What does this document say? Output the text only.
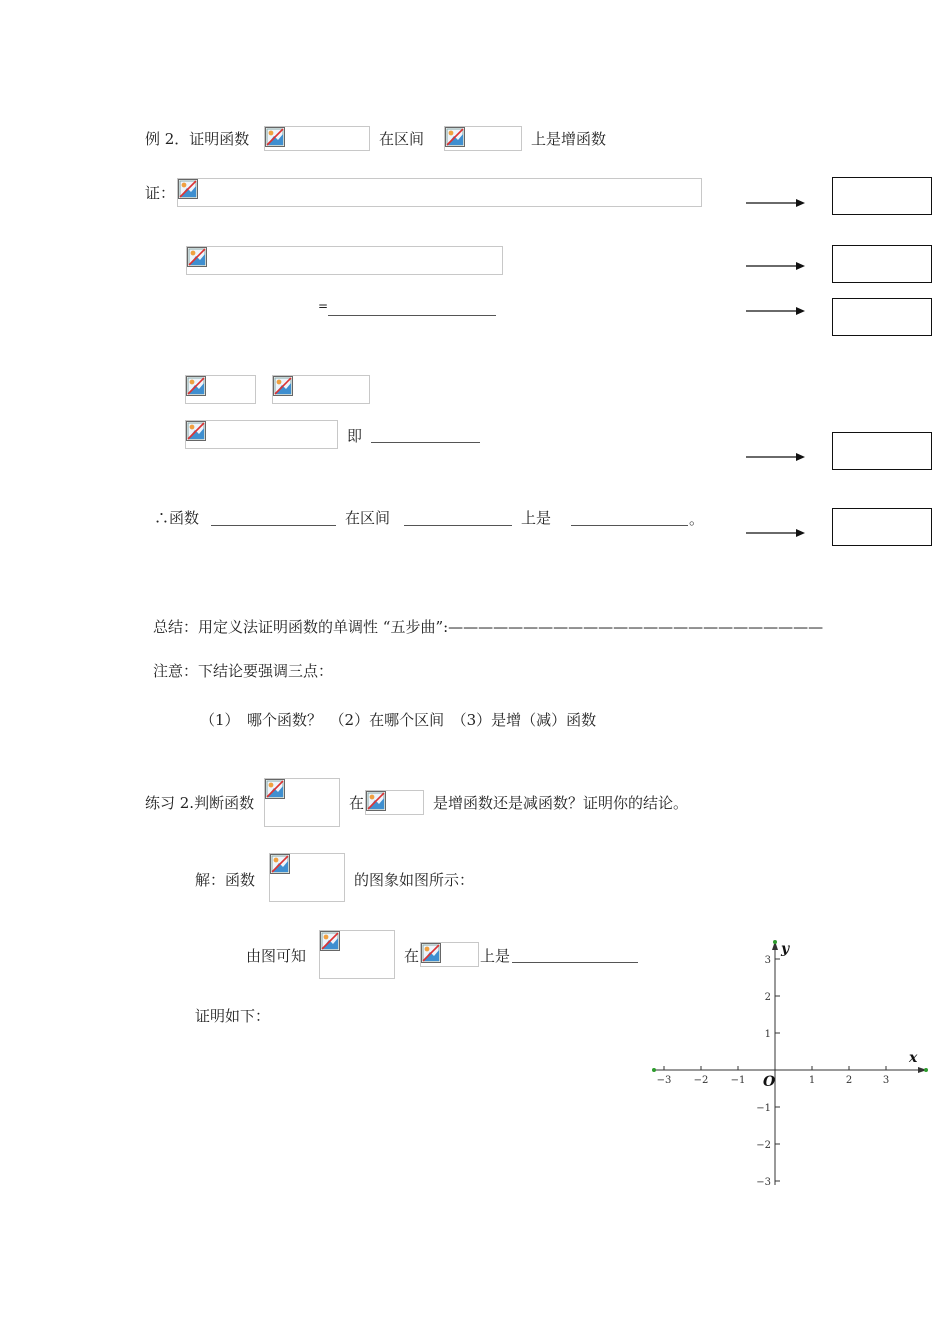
例 2．证明函数	在区间	上是增函数
证：
=
即
∴函数	在区间	上是	。
总结：用定义法证明函数的单调性 “五步曲”:—————————————————————————
注意：下结论要强调三点：
（1）　哪个函数？　（2）在哪个区间　（3）是增（减）函数
练习 2.判断函数	在	是增函数还是减函数？证明你的结论。
解：函数	的图象如图所示：
由图可知	在	上是
证明如下：
−3 −2 −1	1	2	3
3
2
1
−1
−2
−3
x
y
O
